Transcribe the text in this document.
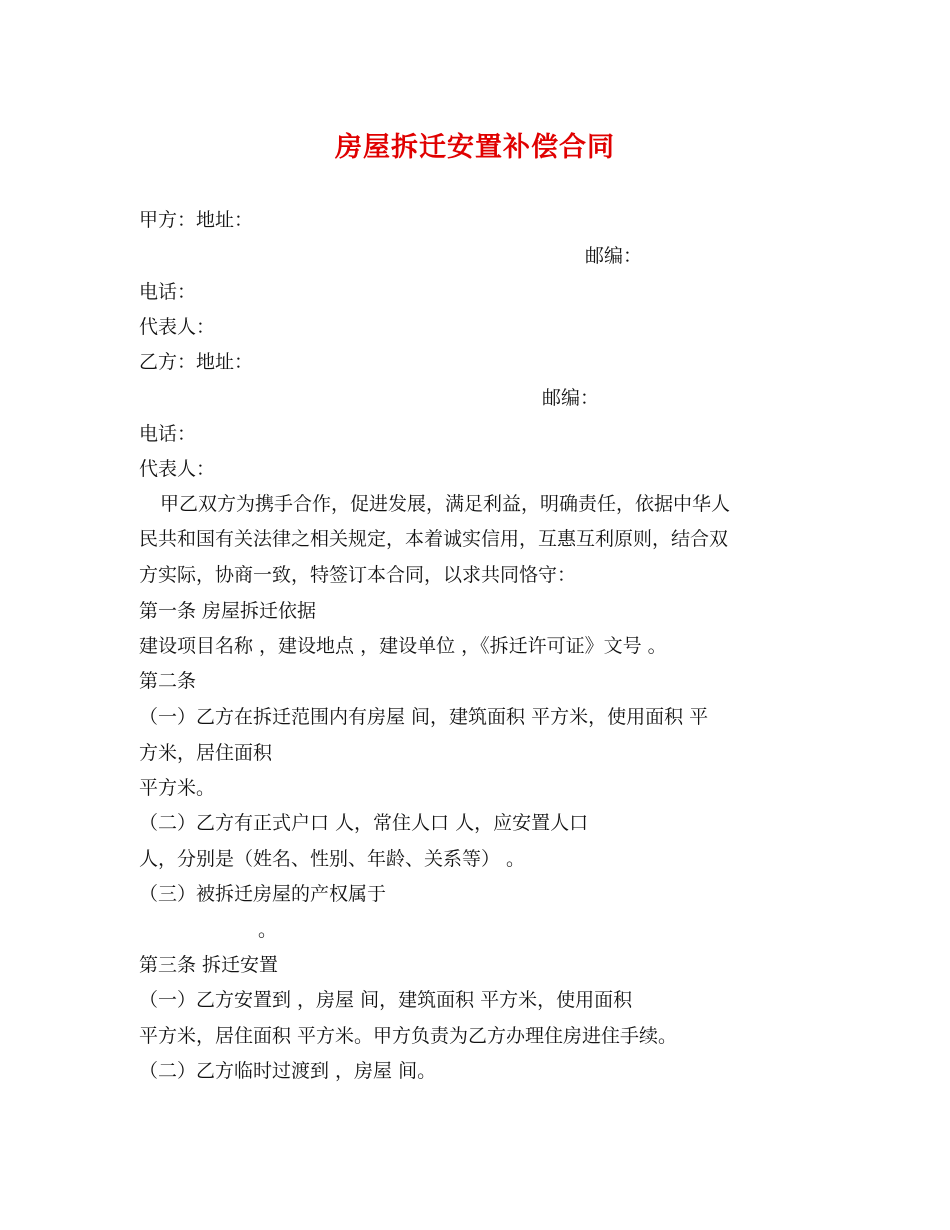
房屋拆迁安置补偿合同
甲方：地址：
邮编：
电话：
代表人：
乙方：地址：
邮编：
电话：
代表人：
甲乙双方为携手合作，促进发展，满足利益，明确责任，依据中华人
民共和国有关法律之相关规定，本着诚实信用，互惠互利原则，结合双
方实际，协商一致，特签订本合同，以求共同恪守：
第一条 房屋拆迁依据
建设项目名称 ，建设地点 ，建设单位 ，《拆迁许可证》文号 。
第二条
（一）乙方在拆迁范围内有房屋 间，建筑面积 平方米，使用面积 平
方米，居住面积
平方米。
（二）乙方有正式户口 人，常住人口 人，应安置人口
人，分别是（姓名、性别、年龄、关系等） 。
（三）被拆迁房屋的产权属于
。
第三条 拆迁安置
（一）乙方安置到 ，房屋 间，建筑面积 平方米，使用面积
平方米，居住面积 平方米。甲方负责为乙方办理住房进住手续。
（二）乙方临时过渡到 ，房屋 间。
